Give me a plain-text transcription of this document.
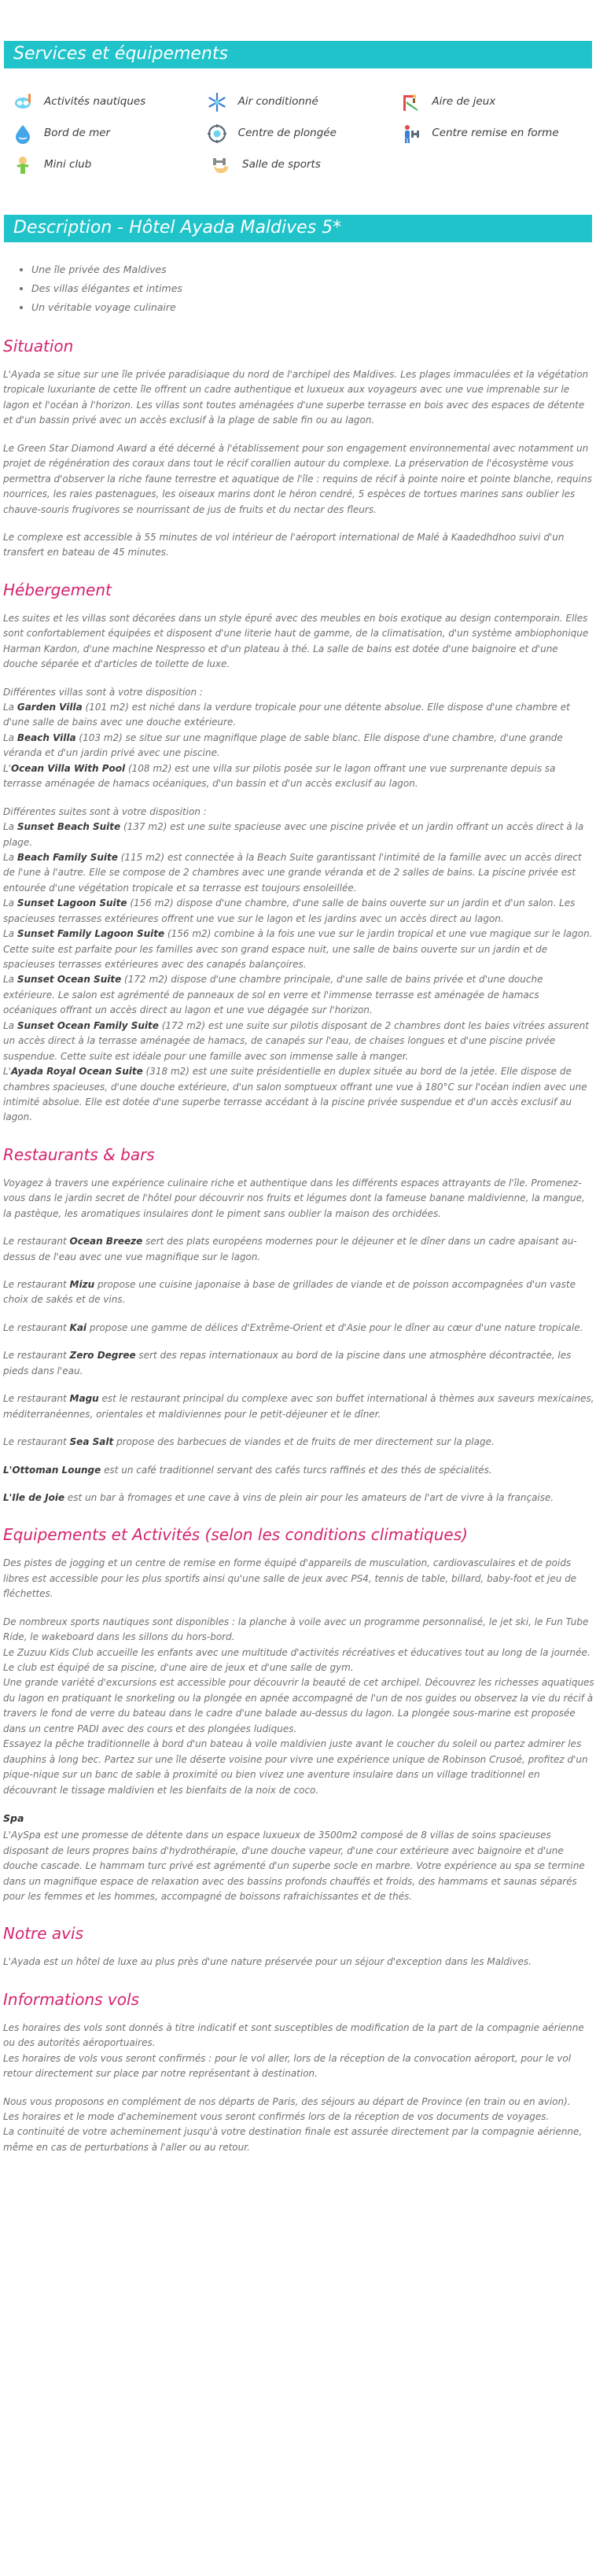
Services et équipements
Activités nautiques	Air conditionné	Aire de jeux
Bord de mer	Centre de plongée	Centre remise en forme
Mini club	Salle de sports
Description - Hôtel Ayada Maldives 5*
• Une île privée des Maldives
• Des villas élégantes et intimes
• Un véritable voyage culinaire
Situation

L'Ayada se situe sur une île privée paradisiaque du nord de l'archipel des Maldives. Les plages immaculées et la végétation tropicale luxuriante de cette île offrent un cadre authentique et luxueux aux voyageurs avec une vue imprenable sur le lagon et l'océan à l'horizon. Les villas sont toutes aménagées d'une superbe terrasse en bois avec des espaces de détente et d'un bassin privé avec un accès exclusif à la plage de sable fin ou au lagon.

Le Green Star Diamond Award a été décerné à l'établissement pour son engagement environnemental avec notamment un projet de régénération des coraux dans tout le récif corallien autour du complexe. La préservation de l'écosystème vous permettra d'observer la riche faune terrestre et aquatique de l'île : requins de récif à pointe noire et pointe blanche, requins nourrices, les raies pastenagues, les oiseaux marins dont le héron cendré, 5 espèces de tortues marines sans oublier les chauve-souris frugivores se nourrissant de jus de fruits et du nectar des fleurs.

Le complexe est accessible à 55 minutes de vol intérieur de l'aéroport international de Malé à Kaadedhdhoo suivi d'un transfert en bateau de 45 minutes.

Hébergement

Les suites et les villas sont décorées dans un style épuré avec des meubles en bois exotique au design contemporain. Elles sont confortablement équipées et disposent d'une literie haut de gamme, de la climatisation, d'un système ambiophonique Harman Kardon, d'une machine Nespresso et d'un plateau à thé. La salle de bains est dotée d'une baignoire et d'une douche séparée et d'articles de toilette de luxe.

Différentes villas sont à votre disposition :

La Garden Villa (101 m2) est niché dans la verdure tropicale pour une détente absolue. Elle dispose d'une chambre et d'une salle de bains avec une douche extérieure.

La Beach Villa (103 m2) se situe sur une magnifique plage de sable blanc. Elle dispose d'une chambre, d'une grande véranda et d'un jardin privé avec une piscine.

L'Ocean Villa With Pool (108 m2) est une villa sur pilotis posée sur le lagon offrant une vue surprenante depuis sa terrasse aménagée de hamacs océaniques, d'un bassin et d'un accès exclusif au lagon.

Différentes suites sont à votre disposition :

La Sunset Beach Suite (137 m2) est une suite spacieuse avec une piscine privée et un jardin offrant un accès direct à la plage.

La Beach Family Suite (115 m2) est connectée à la Beach Suite garantissant l'intimité de la famille avec un accès direct de l'une à l'autre. Elle se compose de 2 chambres avec une grande véranda et de 2 salles de bains. La piscine privée est entourée d'une végétation tropicale et sa terrasse est toujours ensoleillée.

La Sunset Lagoon Suite (156 m2) dispose d'une chambre, d'une salle de bains ouverte sur un jardin et d'un salon. Les spacieuses terrasses extérieures offrent une vue sur le lagon et les jardins avec un accès direct au lagon.

La Sunset Family Lagoon Suite (156 m2) combine à la fois une vue sur le jardin tropical et une vue magique sur le lagon. Cette suite est parfaite pour les familles avec son grand espace nuit, une salle de bains ouverte sur un jardin et de spacieuses terrasses extérieures avec des canapés balançoires.

La Sunset Ocean Suite (172 m2) dispose d'une chambre principale, d'une salle de bains privée et d'une douche extérieure. Le salon est agrémenté de panneaux de sol en verre et l'immense terrasse est aménagée de hamacs océaniques offrant un accès direct au lagon et une vue dégagée sur l'horizon.

La Sunset Ocean Family Suite (172 m2) est une suite sur pilotis disposant de 2 chambres dont les baies vitrées assurent un accès direct à la terrasse aménagée de hamacs, de canapés sur l'eau, de chaises longues et d'une piscine privée suspendue. Cette suite est idéale pour une famille avec son immense salle à manger.

L'Ayada Royal Ocean Suite (318 m2) est une suite présidentielle en duplex située au bord de la jetée. Elle dispose de chambres spacieuses, d'une douche extérieure, d'un salon somptueux offrant une vue à 180°C sur l'océan indien avec une intimité absolue. Elle est dotée d'une superbe terrasse accédant à la piscine privée suspendue et d'un accès exclusif au lagon.

Restaurants & bars

Voyagez à travers une expérience culinaire riche et authentique dans les différents espaces attrayants de l'île. Promenez-vous dans le jardin secret de l'hôtel pour découvrir nos fruits et légumes dont la fameuse banane maldivienne, la mangue, la pastèque, les aromatiques insulaires dont le piment sans oublier la maison des orchidées.

Le restaurant Ocean Breeze sert des plats européens modernes pour le déjeuner et le dîner dans un cadre apaisant au-dessus de l'eau avec une vue magnifique sur le lagon.

Le restaurant Mizu propose une cuisine japonaise à base de grillades de viande et de poisson accompagnées d'un vaste choix de sakés et de vins.

Le restaurant Kai propose une gamme de délices d'Extrême-Orient et d'Asie pour le dîner au cœur d'une nature tropicale.

Le restaurant Zero Degree sert des repas internationaux au bord de la piscine dans une atmosphère décontractée, les pieds dans l'eau.

Le restaurant Magu est le restaurant principal du complexe avec son buffet international à thèmes aux saveurs mexicaines, méditerranéennes, orientales et maldiviennes pour le petit-déjeuner et le dîner.

Le restaurant Sea Salt propose des barbecues de viandes et de fruits de mer directement sur la plage.

L'Ottoman Lounge est un café traditionnel servant des cafés turcs raffinés et des thés de spécialités.

L'Ile de Joie est un bar à fromages et une cave à vins de plein air pour les amateurs de l'art de vivre à la française.

Equipements et Activités (selon les conditions climatiques)

Des pistes de jogging et un centre de remise en forme équipé d'appareils de musculation, cardiovasculaires et de poids libres est accessible pour les plus sportifs ainsi qu'une salle de jeux avec PS4, tennis de table, billard, baby-foot et jeu de fléchettes.

De nombreux sports nautiques sont disponibles : la planche à voile avec un programme personnalisé, le jet ski, le Fun Tube Ride, le wakeboard dans les sillons du hors-bord.

Le Zuzuu Kids Club accueille les enfants avec une multitude d'activités récréatives et éducatives tout au long de la journée. Le club est équipé de sa piscine, d'une aire de jeux et d'une salle de gym.

Une grande variété d'excursions est accessible pour découvrir la beauté de cet archipel. Découvrez les richesses aquatiques du lagon en pratiquant le snorkeling ou la plongée en apnée accompagné de l'un de nos guides ou observez la vie du récif à travers le fond de verre du bateau dans le cadre d'une balade au-dessus du lagon. La plongée sous-marine est proposée dans un centre PADI avec des cours et des plongées ludiques.

Essayez la pêche traditionnelle à bord d'un bateau à voile maldivien juste avant le coucher du soleil ou partez admirer les dauphins à long bec. Partez sur une île déserte voisine pour vivre une expérience unique de Robinson Crusoé, profitez d'un pique-nique sur un banc de sable à proximité ou bien vivez une aventure insulaire dans un village traditionnel en découvrant le tissage maldivien et les bienfaits de la noix de coco.

Spa

L'AySpa est une promesse de détente dans un espace luxueux de 3500m2 composé de 8 villas de soins spacieuses disposant de leurs propres bains d'hydrothérapie, d'une douche vapeur, d'une cour extérieure avec baignoire et d'une douche cascade. Le hammam turc privé est agrémenté d'un superbe socle en marbre. Votre expérience au spa se termine dans un magnifique espace de relaxation avec des bassins profonds chauffés et froids, des hammams et saunas séparés pour les femmes et les hommes, accompagné de boissons rafraichissantes et de thés.

Notre avis

L'Ayada est un hôtel de luxe au plus près d'une nature préservée pour un séjour d'exception dans les Maldives.

Informations vols

Les horaires des vols sont donnés à titre indicatif et sont susceptibles de modification de la part de la compagnie aérienne ou des autorités aéroportuaires.

Les horaires de vols vous seront confirmés : pour le vol aller, lors de la réception de la convocation aéroport, pour le vol retour directement sur place par notre représentant à destination.

Nous vous proposons en complément de nos départs de Paris, des séjours au départ de Province (en train ou en avion).

Les horaires et le mode d'acheminement vous seront confirmés lors de la réception de vos documents de voyages.

La continuité de votre acheminement jusqu'à votre destination finale est assurée directement par la compagnie aérienne, même en cas de perturbations à l'aller ou au retour.
